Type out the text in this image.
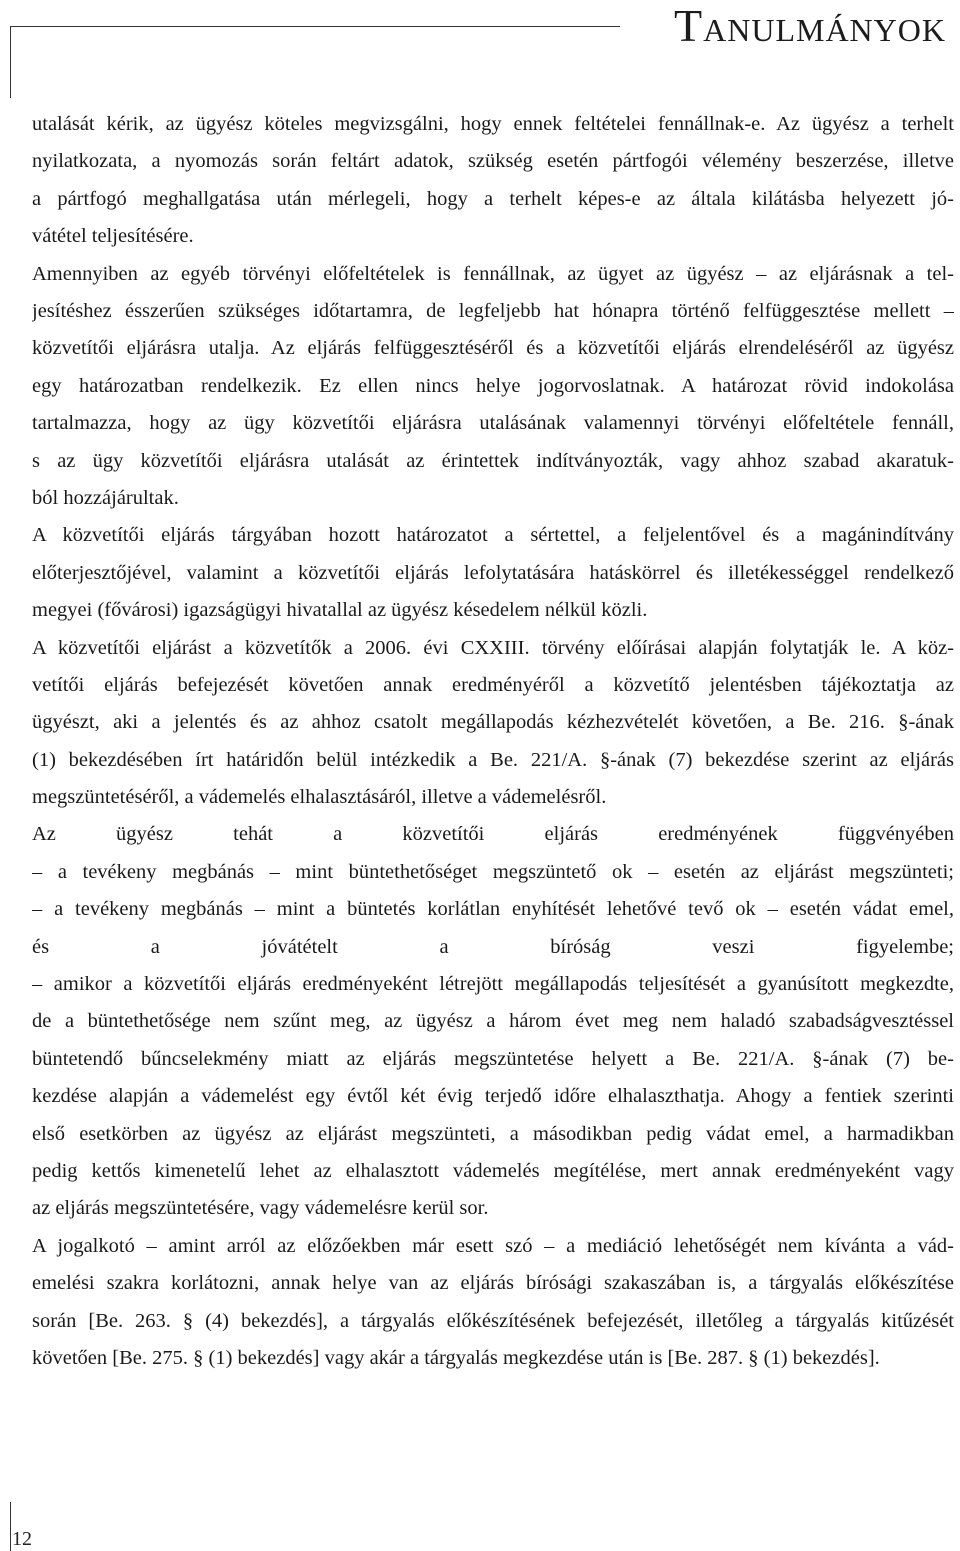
Tanulmányok
utalását kérik, az ügyész köteles megvizsgálni, hogy ennek feltételei fennállnak-e. Az ügyész a terhelt
nyilatkozata, a nyomozás során feltárt adatok, szükség esetén pártfogói vélemény beszerzése, illetve
a pártfogó meghallgatása után mérlegeli, hogy a terhelt képes-e az általa kilátásba helyezett jó-
vátétel teljesítésére.
Amennyiben az egyéb törvényi előfeltételek is fennállnak, az ügyet az ügyész – az eljárásnak a tel-
jesítéshez ésszerűen szükséges időtartamra, de legfeljebb hat hónapra történő felfüggesztése mellett –
közvetítői eljárásra utalja. Az eljárás felfüggesztéséről és a közvetítői eljárás elrendeléséről az ügyész
egy határozatban rendelkezik. Ez ellen nincs helye jogorvoslatnak. A határozat rövid indokolása
tartalmazza, hogy az ügy közvetítői eljárásra utalásának valamennyi törvényi előfeltétele fennáll,
s az ügy közvetítői eljárásra utalását az érintettek indítványozták, vagy ahhoz szabad akaratuk-
ból hozzájárultak.
A közvetítői eljárás tárgyában hozott határozatot a sértettel, a feljelentővel és a magánindítvány
előterjesztőjével, valamint a közvetítői eljárás lefolytatására hatáskörrel és illetékességgel rendelkező
megyei (fővárosi) igazságügyi hivatallal az ügyész késedelem nélkül közli.
A közvetítői eljárást a közvetítők a 2006. évi CXXIII. törvény előírásai alapján folytatják le. A köz-
vetítői eljárás befejezését követően annak eredményéről a közvetítő jelentésben tájékoztatja az
ügyészt, aki a jelentés és az ahhoz csatolt megállapodás kézhezvételét követően, a Be. 216. §-ának
(1) bekezdésében írt határidőn belül intézkedik a Be. 221/A. §-ának (7) bekezdése szerint az eljárás
megszüntetéséről, a vádemelés elhalasztásáról, illetve a vádemelésről.
Az ügyész tehát a közvetítői eljárás eredményének függvényében
– a tevékeny megbánás – mint büntethetőséget megszüntető ok – esetén az eljárást megszünteti;
– a tevékeny megbánás – mint a büntetés korlátlan enyhítését lehetővé tevő ok – esetén vádat emel,
és a jóvátételt a bíróság veszi figyelembe;
– amikor a közvetítői eljárás eredményeként létrejött megállapodás teljesítését a gyanúsított megkezdte,
de a büntethetősége nem szűnt meg, az ügyész a három évet meg nem haladó szabadságvesztéssel
büntetendő bűncselekmény miatt az eljárás megszüntetése helyett a Be. 221/A. §-ának (7) be-
kezdése alapján a vádemelést egy évtől két évig terjedő időre elhalaszthatja. Ahogy a fentiek szerinti
első esetkörben az ügyész az eljárást megszünteti, a másodikban pedig vádat emel, a harmadikban
pedig kettős kimenetelű lehet az elhalasztott vádemelés megítélése, mert annak eredményeként vagy
az eljárás megszüntetésére, vagy vádemelésre kerül sor.
A jogalkotó – amint arról az előzőekben már esett szó – a mediáció lehetőségét nem kívánta a vád-
emelési szakra korlátozni, annak helye van az eljárás bírósági szakaszában is, a tárgyalás előkészítése
során [Be. 263. § (4) bekezdés], a tárgyalás előkészítésének befejezését, illetőleg a tárgyalás kitűzését
követően [Be. 275. § (1) bekezdés] vagy akár a tárgyalás megkezdése után is [Be. 287. § (1) bekezdés].
12
